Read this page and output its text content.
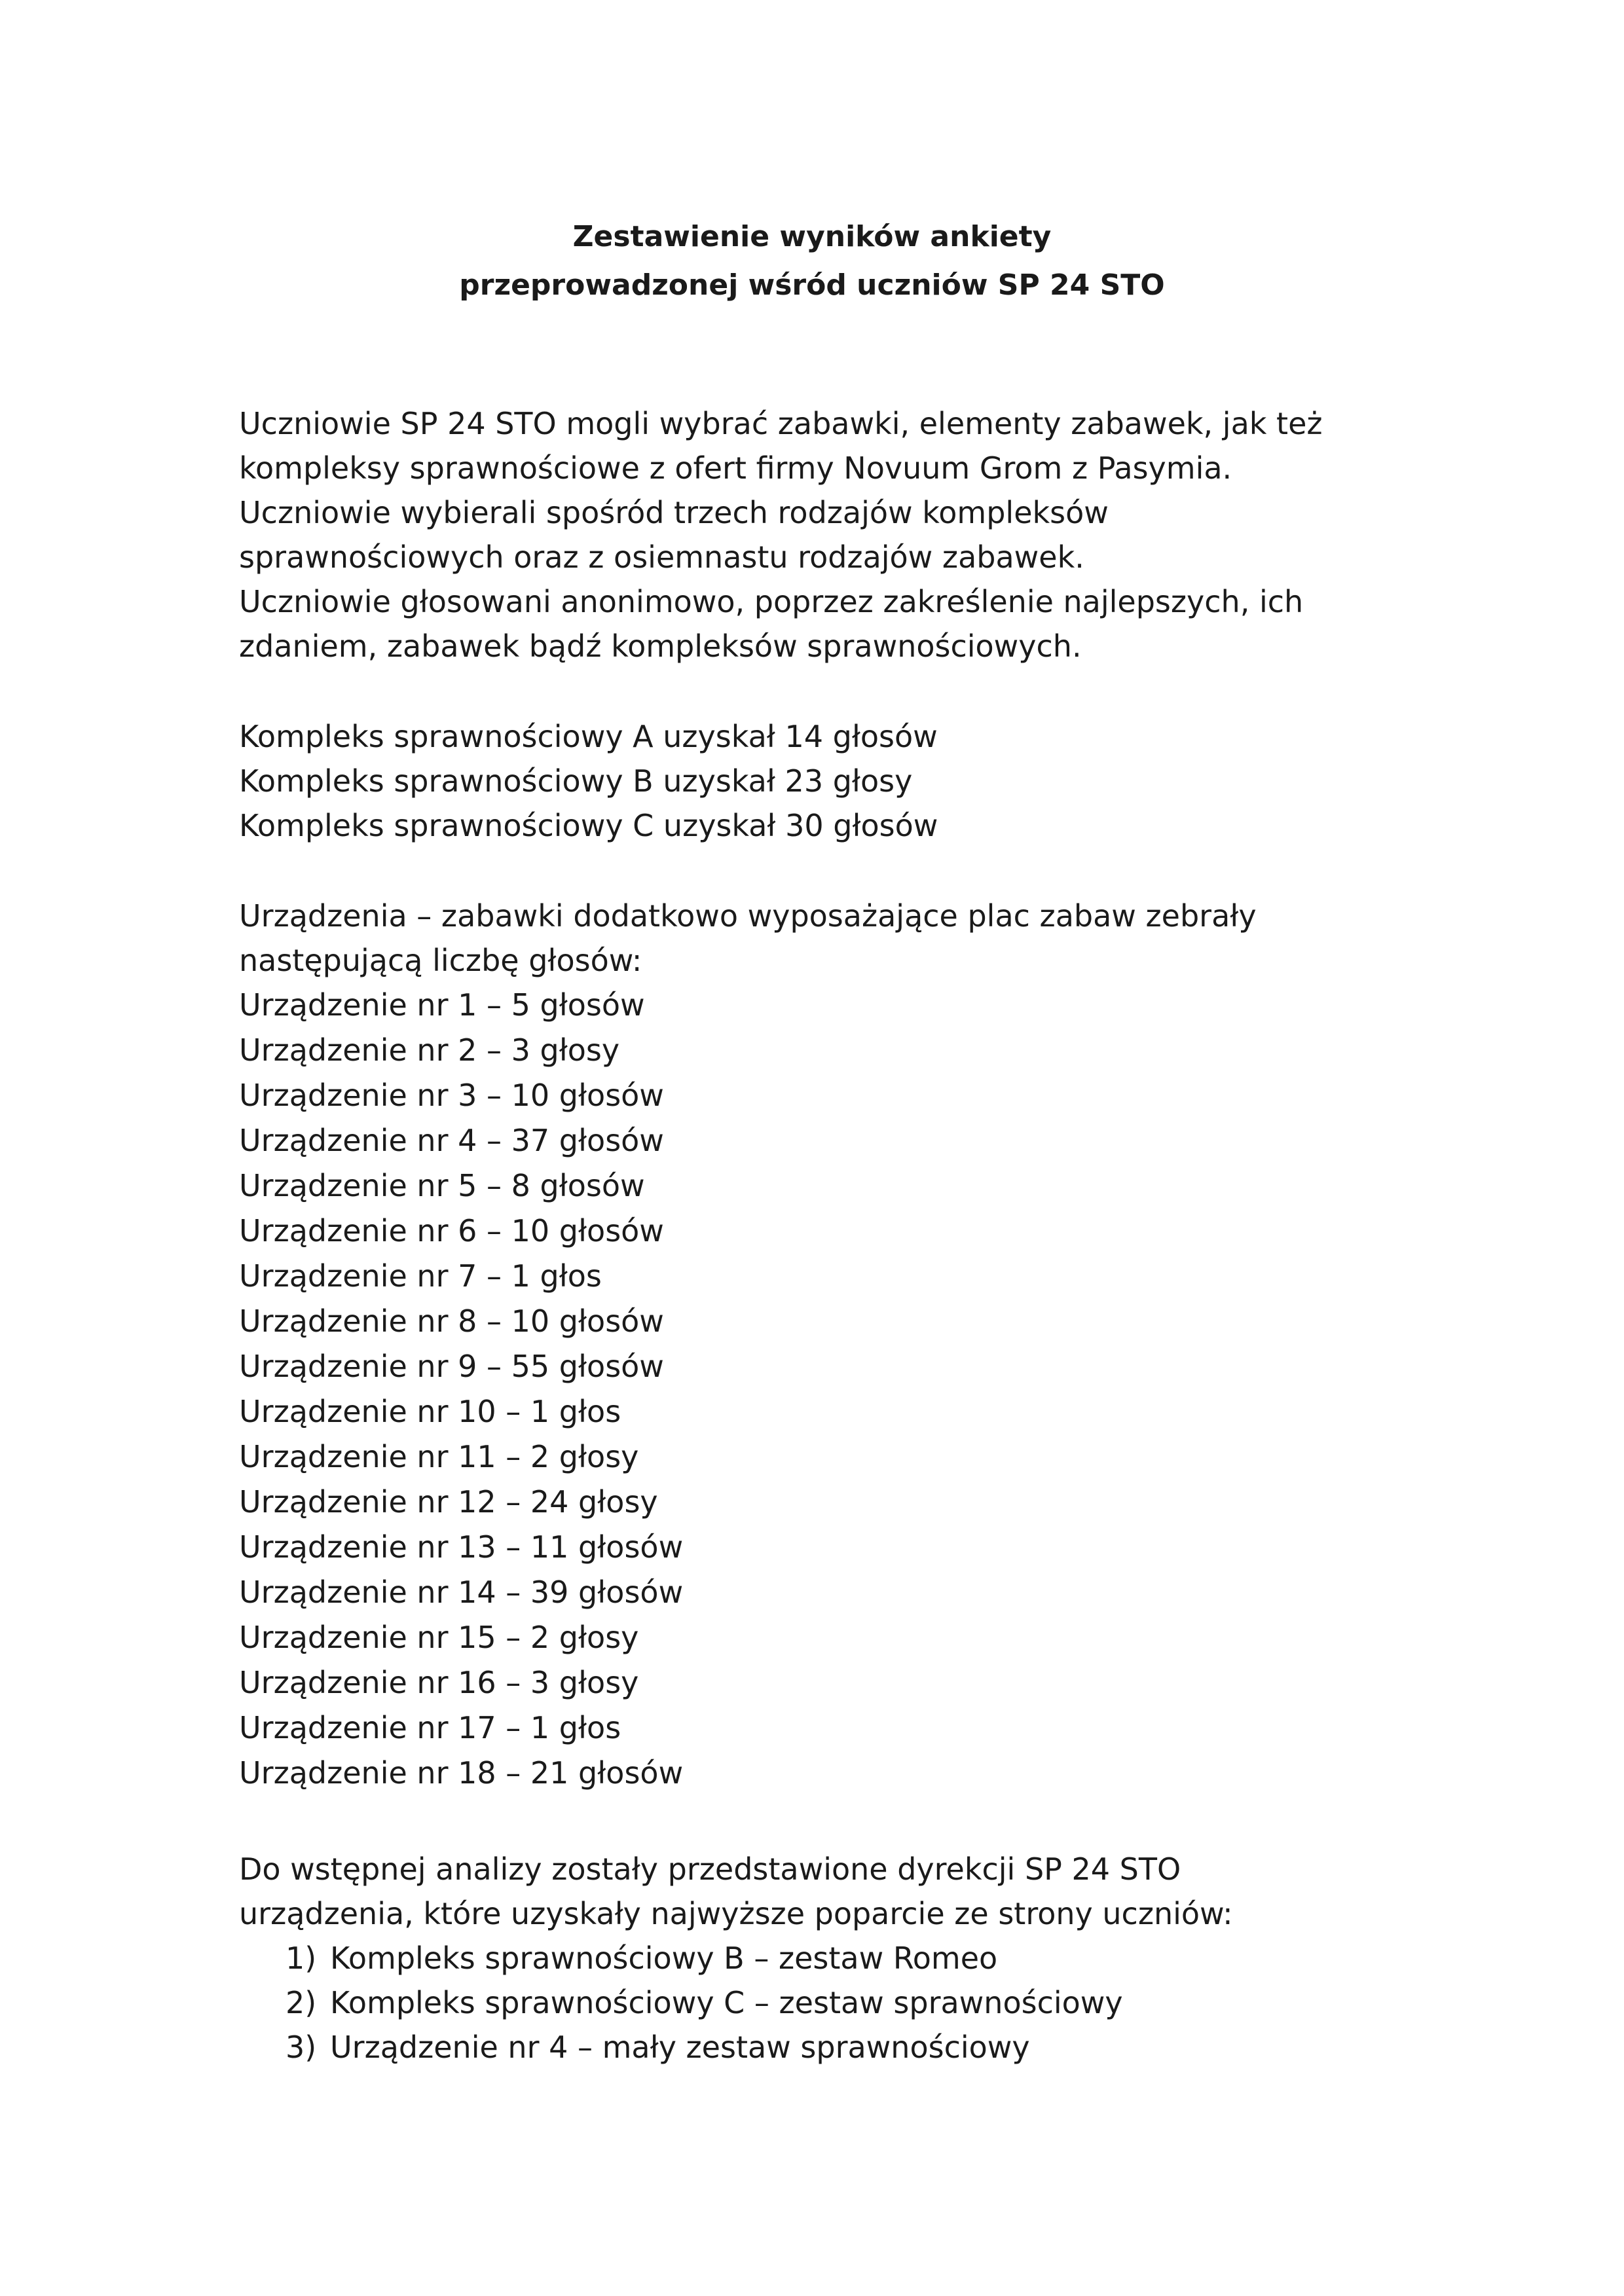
Zestawienie wyników ankiety
przeprowadzonej wśród uczniów SP 24 STO
Uczniowie SP 24 STO mogli wybrać zabawki, elementy zabawek, jak też
kompleksy sprawnościowe z ofert firmy Novuum Grom z Pasymia.
Uczniowie wybierali spośród trzech rodzajów kompleksów
sprawnościowych oraz z osiemnastu rodzajów zabawek.
Uczniowie głosowani anonimowo, poprzez zakreślenie najlepszych, ich
zdaniem, zabawek bądź kompleksów sprawnościowych.
Kompleks sprawnościowy A uzyskał 14 głosów
Kompleks sprawnościowy B uzyskał 23 głosy
Kompleks sprawnościowy C uzyskał 30 głosów
Urządzenia – zabawki dodatkowo wyposażające plac zabaw zebrały
następującą liczbę głosów:
Urządzenie nr 1 – 5 głosów
Urządzenie nr 2 – 3 głosy
Urządzenie nr 3 – 10 głosów
Urządzenie nr 4 – 37 głosów
Urządzenie nr 5 – 8 głosów
Urządzenie nr 6 – 10 głosów
Urządzenie nr 7 – 1 głos
Urządzenie nr 8 – 10 głosów
Urządzenie nr 9 – 55 głosów
Urządzenie nr 10 – 1 głos
Urządzenie nr 11 – 2 głosy
Urządzenie nr 12 – 24 głosy
Urządzenie nr 13 – 11 głosów
Urządzenie nr 14 – 39 głosów
Urządzenie nr 15 – 2 głosy
Urządzenie nr 16 – 3 głosy
Urządzenie nr 17 – 1 głos
Urządzenie nr 18 – 21 głosów
Do wstępnej analizy zostały przedstawione dyrekcji SP 24 STO
urządzenia, które uzyskały najwyższe poparcie ze strony uczniów:
1) Kompleks sprawnościowy B – zestaw Romeo
2) Kompleks sprawnościowy C – zestaw sprawnościowy
3) Urządzenie nr 4 – mały zestaw sprawnościowy
